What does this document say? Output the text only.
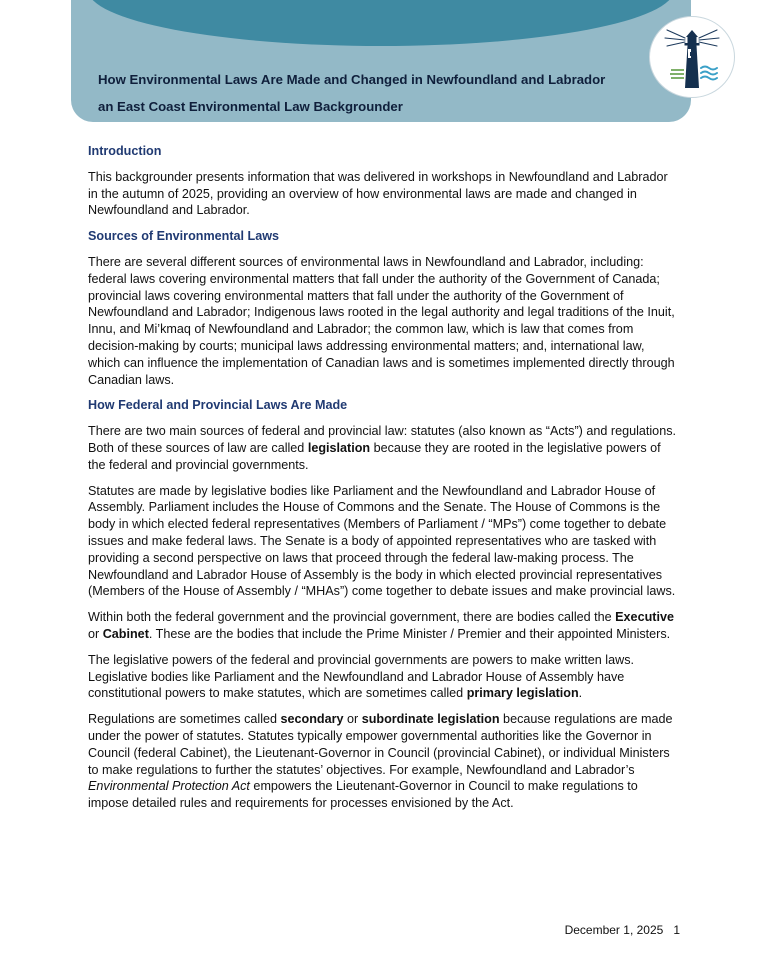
How Environmental Laws Are Made and Changed in Newfoundland and Labrador
an East Coast Environmental Law Backgrounder
Introduction

This backgrounder presents information that was delivered in workshops in Newfoundland and Labrador in the autumn of 2025, providing an overview of how environmental laws are made and changed in Newfoundland and Labrador.

Sources of Environmental Laws

There are several different sources of environmental laws in Newfoundland and Labrador, including: federal laws covering environmental matters that fall under the authority of the Government of Canada; provincial laws covering environmental matters that fall under the authority of the Government of Newfoundland and Labrador; Indigenous laws rooted in the legal authority and legal traditions of the Inuit, Innu, and Mi’kmaq of Newfoundland and Labrador; the common law, which is law that comes from decision-making by courts; municipal laws addressing environmental matters; and, international law, which can influence the implementation of Canadian laws and is sometimes implemented directly through Canadian laws.

How Federal and Provincial Laws Are Made

There are two main sources of federal and provincial law: statutes (also known as “Acts”) and regulations. Both of these sources of law are called legislation because they are rooted in the legislative powers of the federal and provincial governments.

Statutes are made by legislative bodies like Parliament and the Newfoundland and Labrador House of Assembly. Parliament includes the House of Commons and the Senate. The House of Commons is the body in which elected federal representatives (Members of Parliament / “MPs”) come together to debate issues and make federal laws. The Senate is a body of appointed representatives who are tasked with providing a second perspective on laws that proceed through the federal law-making process. The Newfoundland and Labrador House of Assembly is the body in which elected provincial representatives (Members of the House of Assembly / “MHAs”) come together to debate issues and make provincial laws.

Within both the federal government and the provincial government, there are bodies called the Executive or Cabinet. These are the bodies that include the Prime Minister / Premier and their appointed Ministers.

The legislative powers of the federal and provincial governments are powers to make written laws. Legislative bodies like Parliament and the Newfoundland and Labrador House of Assembly have constitutional powers to make statutes, which are sometimes called primary legislation.

Regulations are sometimes called secondary or subordinate legislation because regulations are made under the power of statutes. Statutes typically empower governmental authorities like the Governor in Council (federal Cabinet), the Lieutenant-Governor in Council (provincial Cabinet), or individual Ministers to make regulations to further the statutes’ objectives. For example, Newfoundland and Labrador’s Environmental Protection Act empowers the Lieutenant-Governor in Council to make regulations to impose detailed rules and requirements for processes envisioned by the Act.

December 1, 2025 1
